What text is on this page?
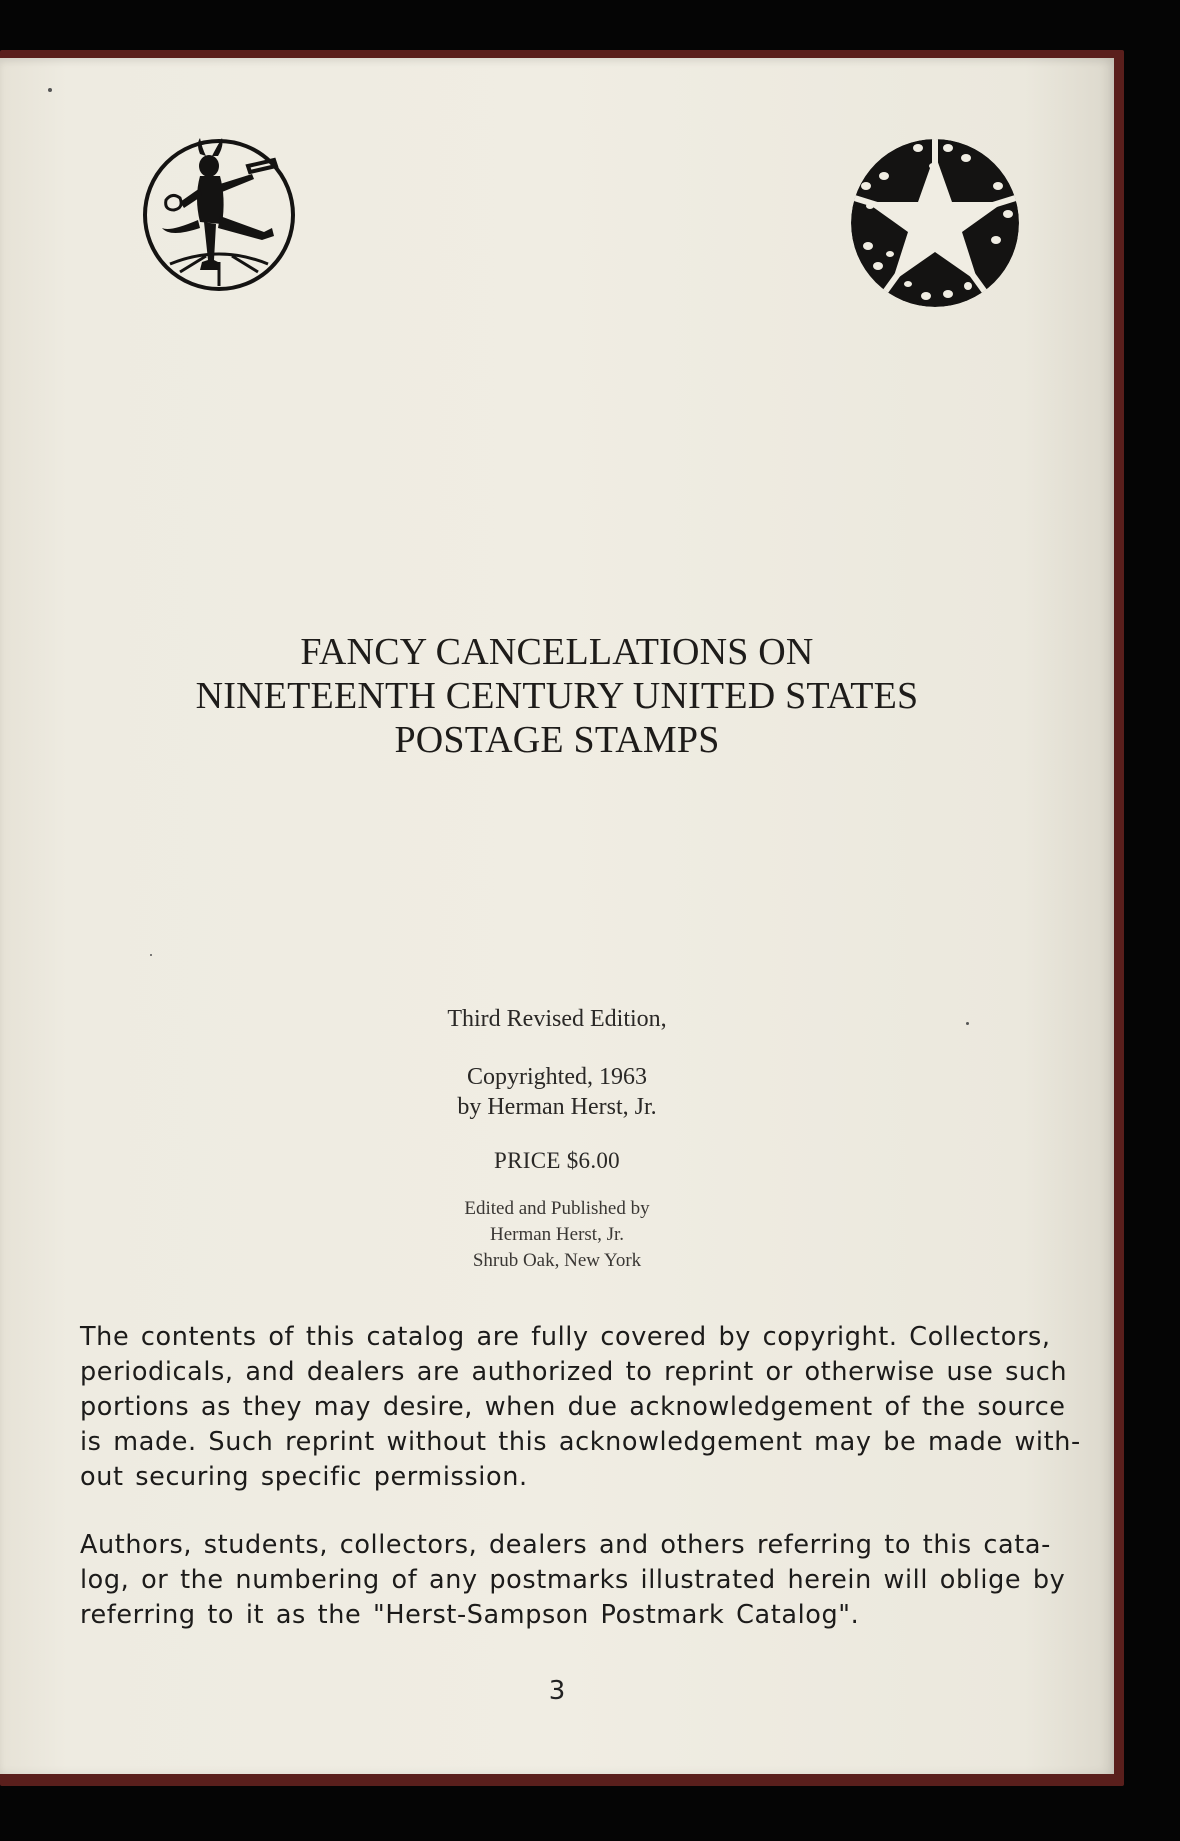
FANCY CANCELLATIONS ON
NINETEENTH CENTURY UNITED STATES
POSTAGE STAMPS
Third Revised Edition,
Copyrighted, 1963
by Herman Herst, Jr.
PRICE $6.00
Edited and Published by
Herman Herst, Jr.
Shrub Oak, New York
The contents of this catalog are fully covered by copyright. Collectors,
periodicals, and dealers are authorized to reprint or otherwise use such
portions as they may desire, when due acknowledgement of the source
is made. Such reprint without this acknowledgement may be made with-
out securing specific permission.
Authors, students, collectors, dealers and others referring to this cata-
log, or the numbering of any postmarks illustrated herein will oblige by
referring to it as the "Herst-Sampson Postmark Catalog".
3
